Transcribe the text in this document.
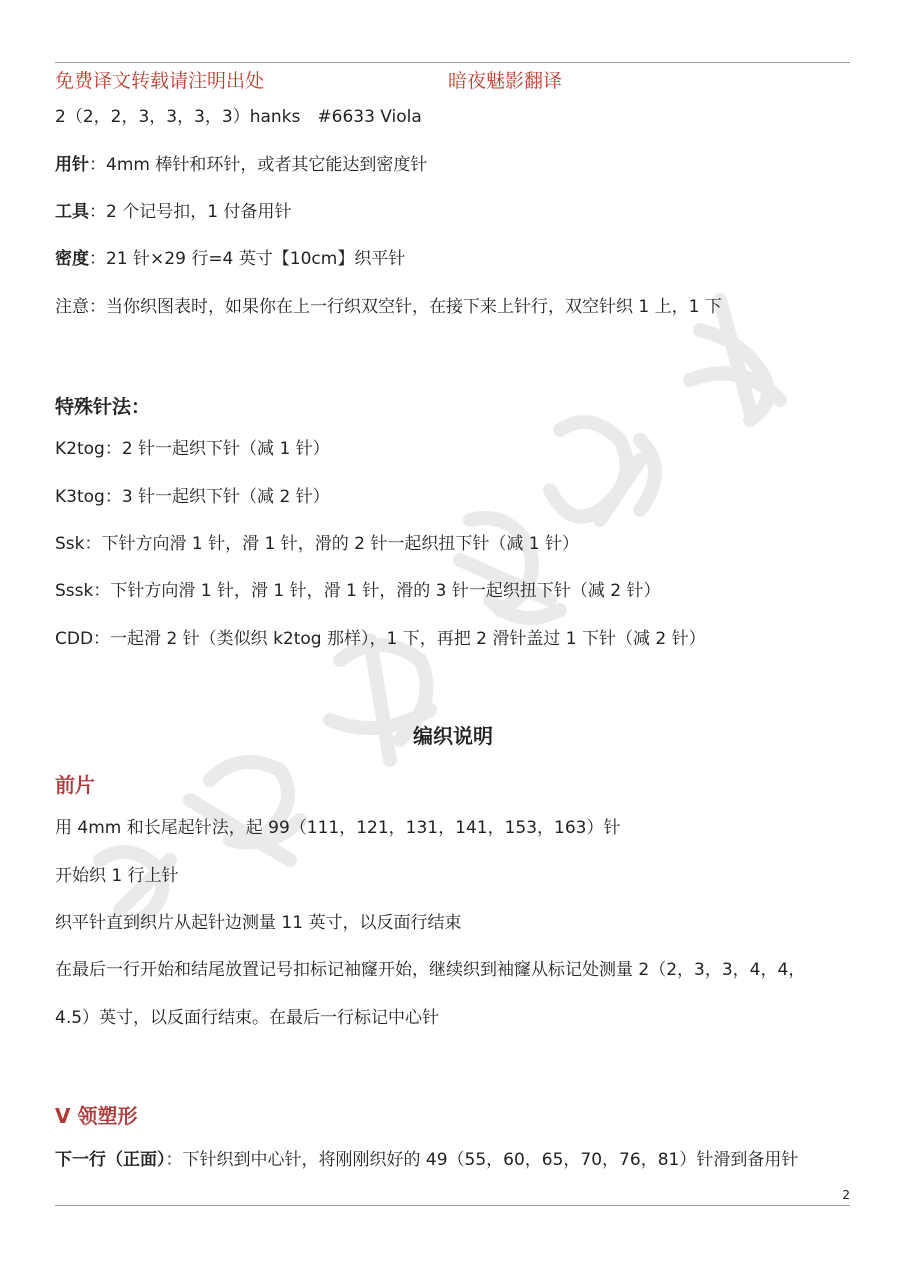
免费译文转载请注明出处	暗夜魅影翻译
2（2，2，3，3，3，3）hanks　#6633 Viola
用针：4mm 棒针和环针，或者其它能达到密度针
工具：2 个记号扣，1 付备用针
密度：21 针×29 行=4 英寸【10cm】织平针
注意：当你织图表时，如果你在上一行织双空针，在接下来上针行，双空针织 1 上，1 下
特殊针法：
K2tog：2 针一起织下针（减 1 针）
K3tog：3 针一起织下针（减 2 针）
Ssk：下针方向滑 1 针，滑 1 针，滑的 2 针一起织扭下针（减 1 针）
Sssk：下针方向滑 1 针，滑 1 针，滑 1 针，滑的 3 针一起织扭下针（减 2 针）
CDD：一起滑 2 针（类似织 k2tog 那样），1 下，再把 2 滑针盖过 1 下针（减 2 针）
编织说明
前片
用 4mm 和长尾起针法，起 99（111，121，131，141，153，163）针
开始织 1 行上针
织平针直到织片从起针边测量 11 英寸，以反面行结束
在最后一行开始和结尾放置记号扣标记袖窿开始，继续织到袖窿从标记处测量 2（2，3，3，4，4，
4.5）英寸，以反面行结束。在最后一行标记中心针
V 领塑形
下一行（正面）：下针织到中心针，将刚刚织好的 49（55，60，65，70，76，81）针滑到备用针
2
